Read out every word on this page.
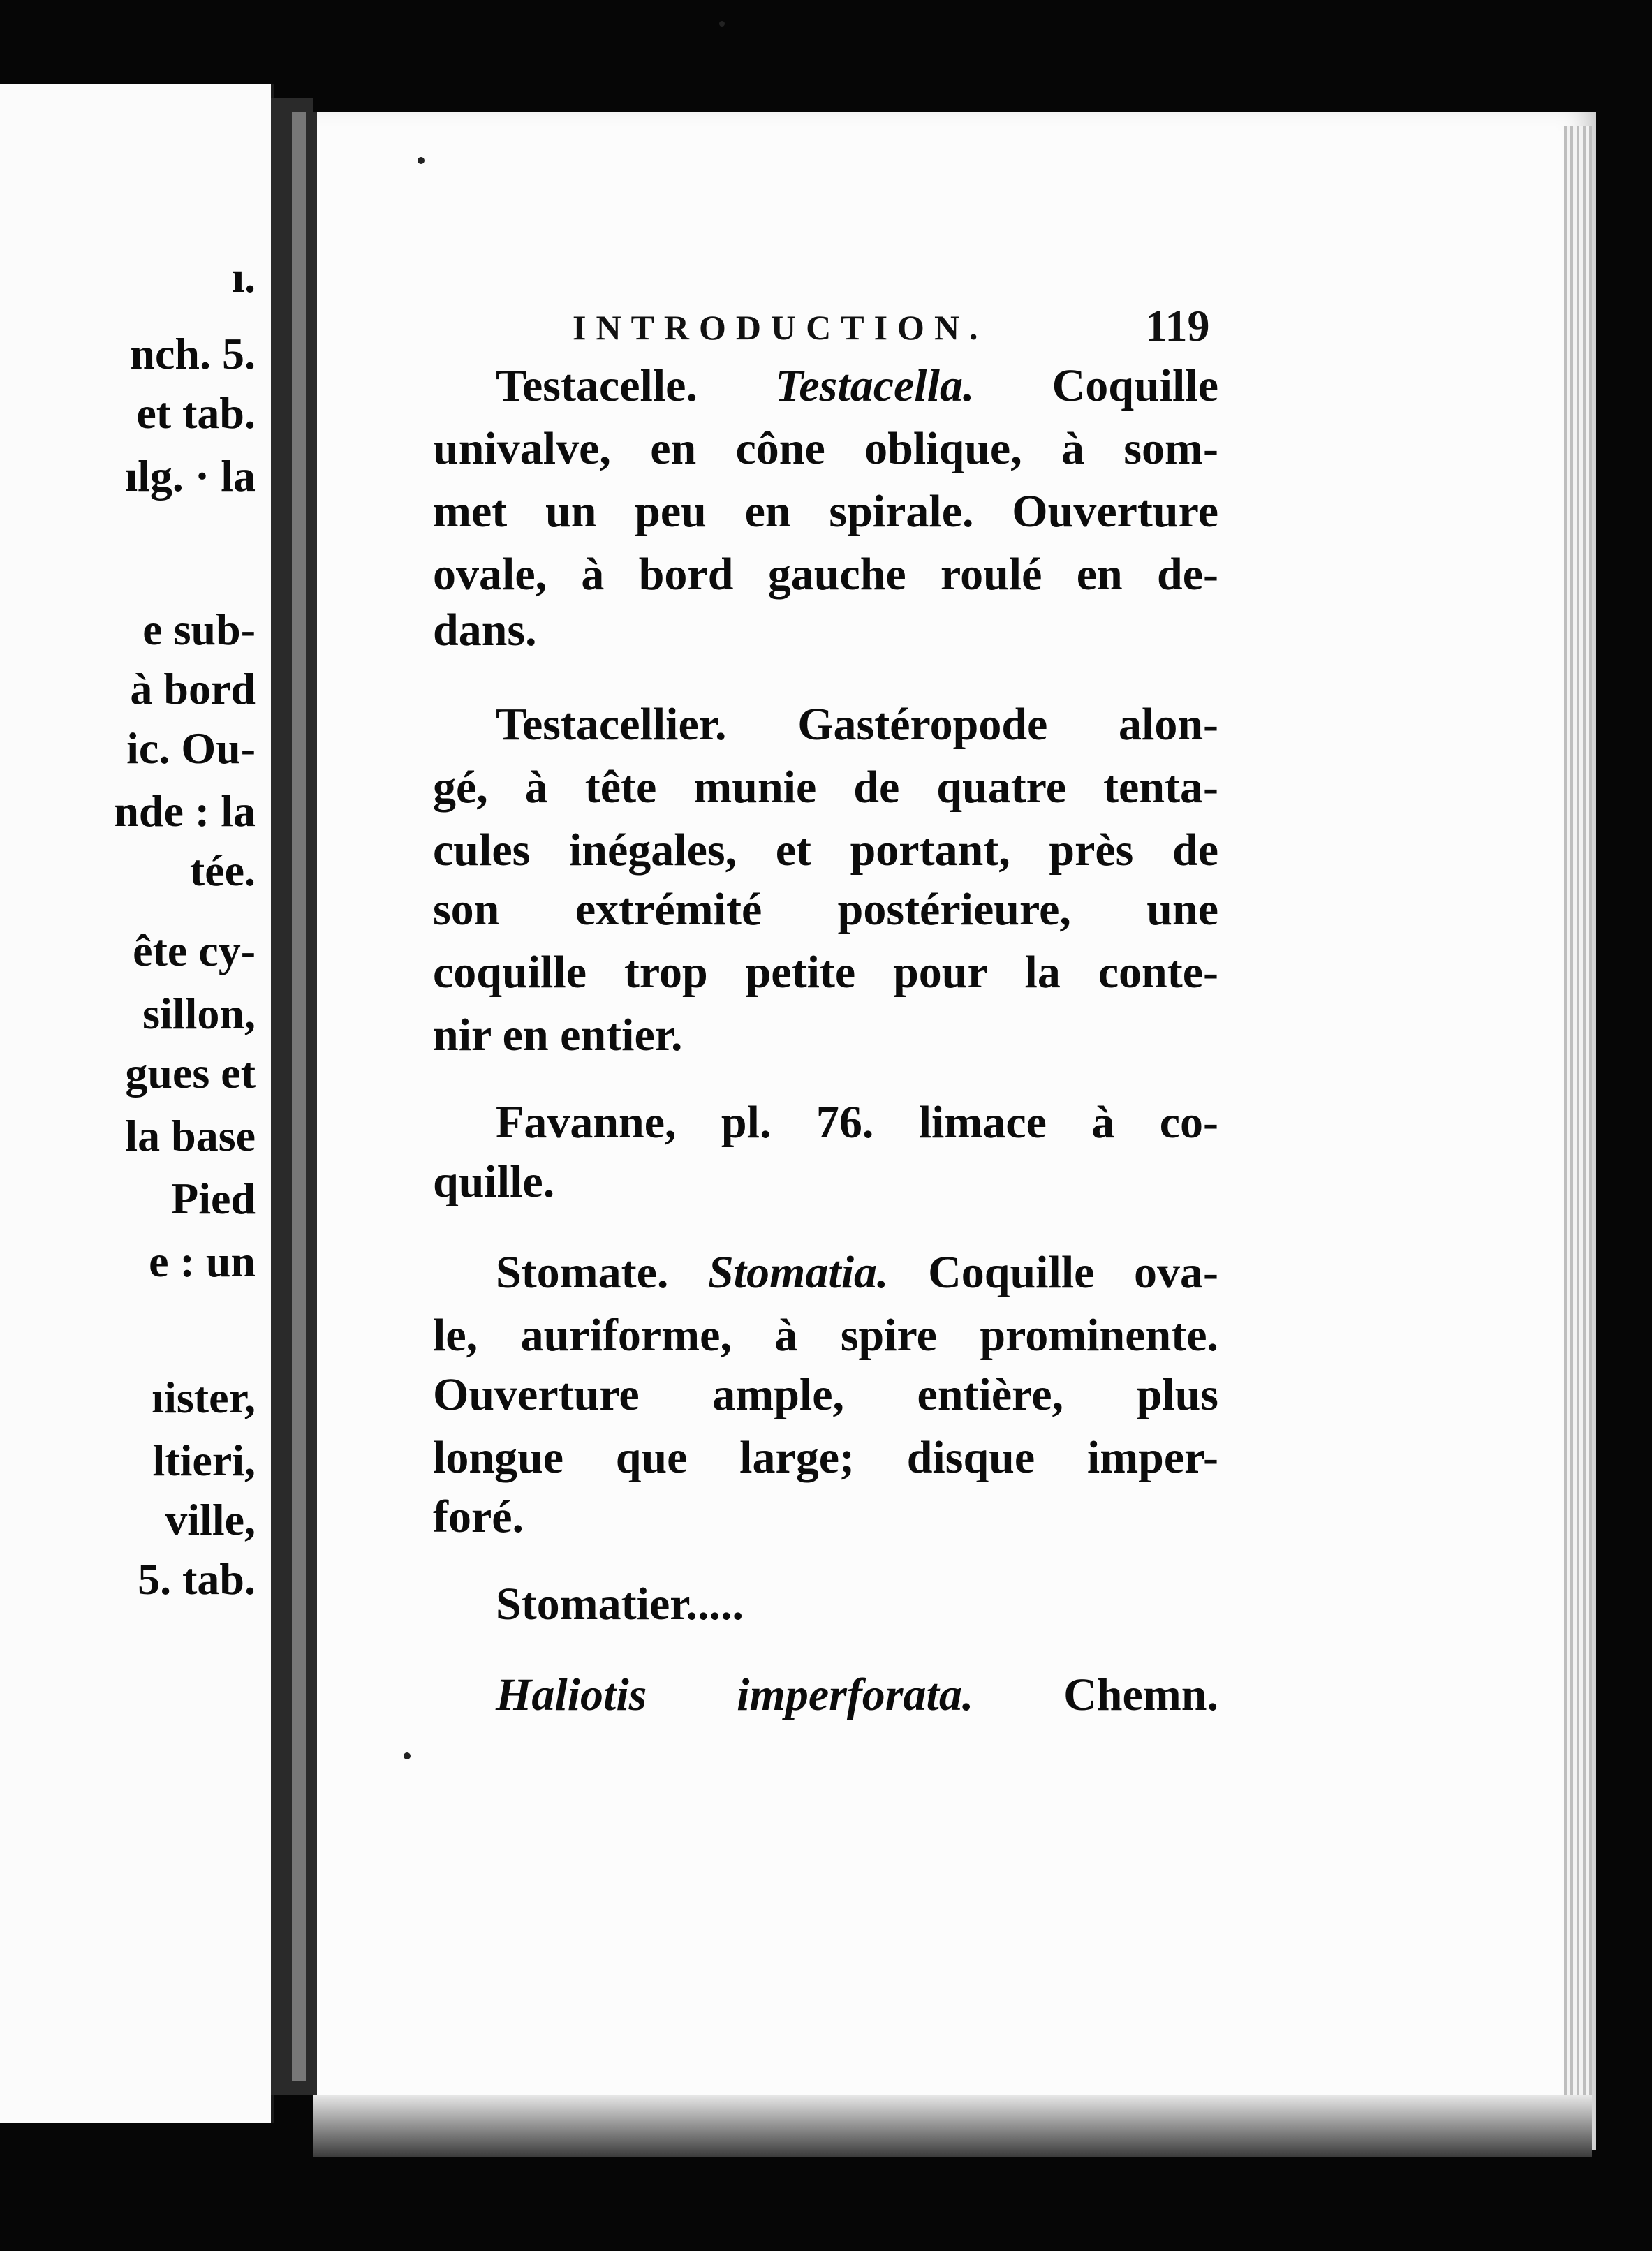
ı.
nch. 5.
et tab.
ılg. · la
e sub-
à bord
ic. Ou-
nde : la
tée.
ête cy-
sillon,
gues et
la base
Pied
e : un
ıister,
ltieri,
ville,
5. tab.
INTRODUCTION.	119
Testacelle. Testacella. Coquille
univalve, en cône oblique, à som-
met un peu en spirale. Ouverture
ovale, à bord gauche roulé en de-
dans.
Testacellier. Gastéropode alon-
gé, à tête munie de quatre tenta-
cules inégales, et portant, près de
son extrémité postérieure, une
coquille trop petite pour la conte-
nir en entier.
Favanne, pl. 76. limace à co-
quille.
Stomate. Stomatia. Coquille ova-
le, auriforme, à spire prominente.
Ouverture ample, entière, plus
longue que large; disque imper-
foré.
Stomatier.....
Haliotis imperforata. Chemn.
